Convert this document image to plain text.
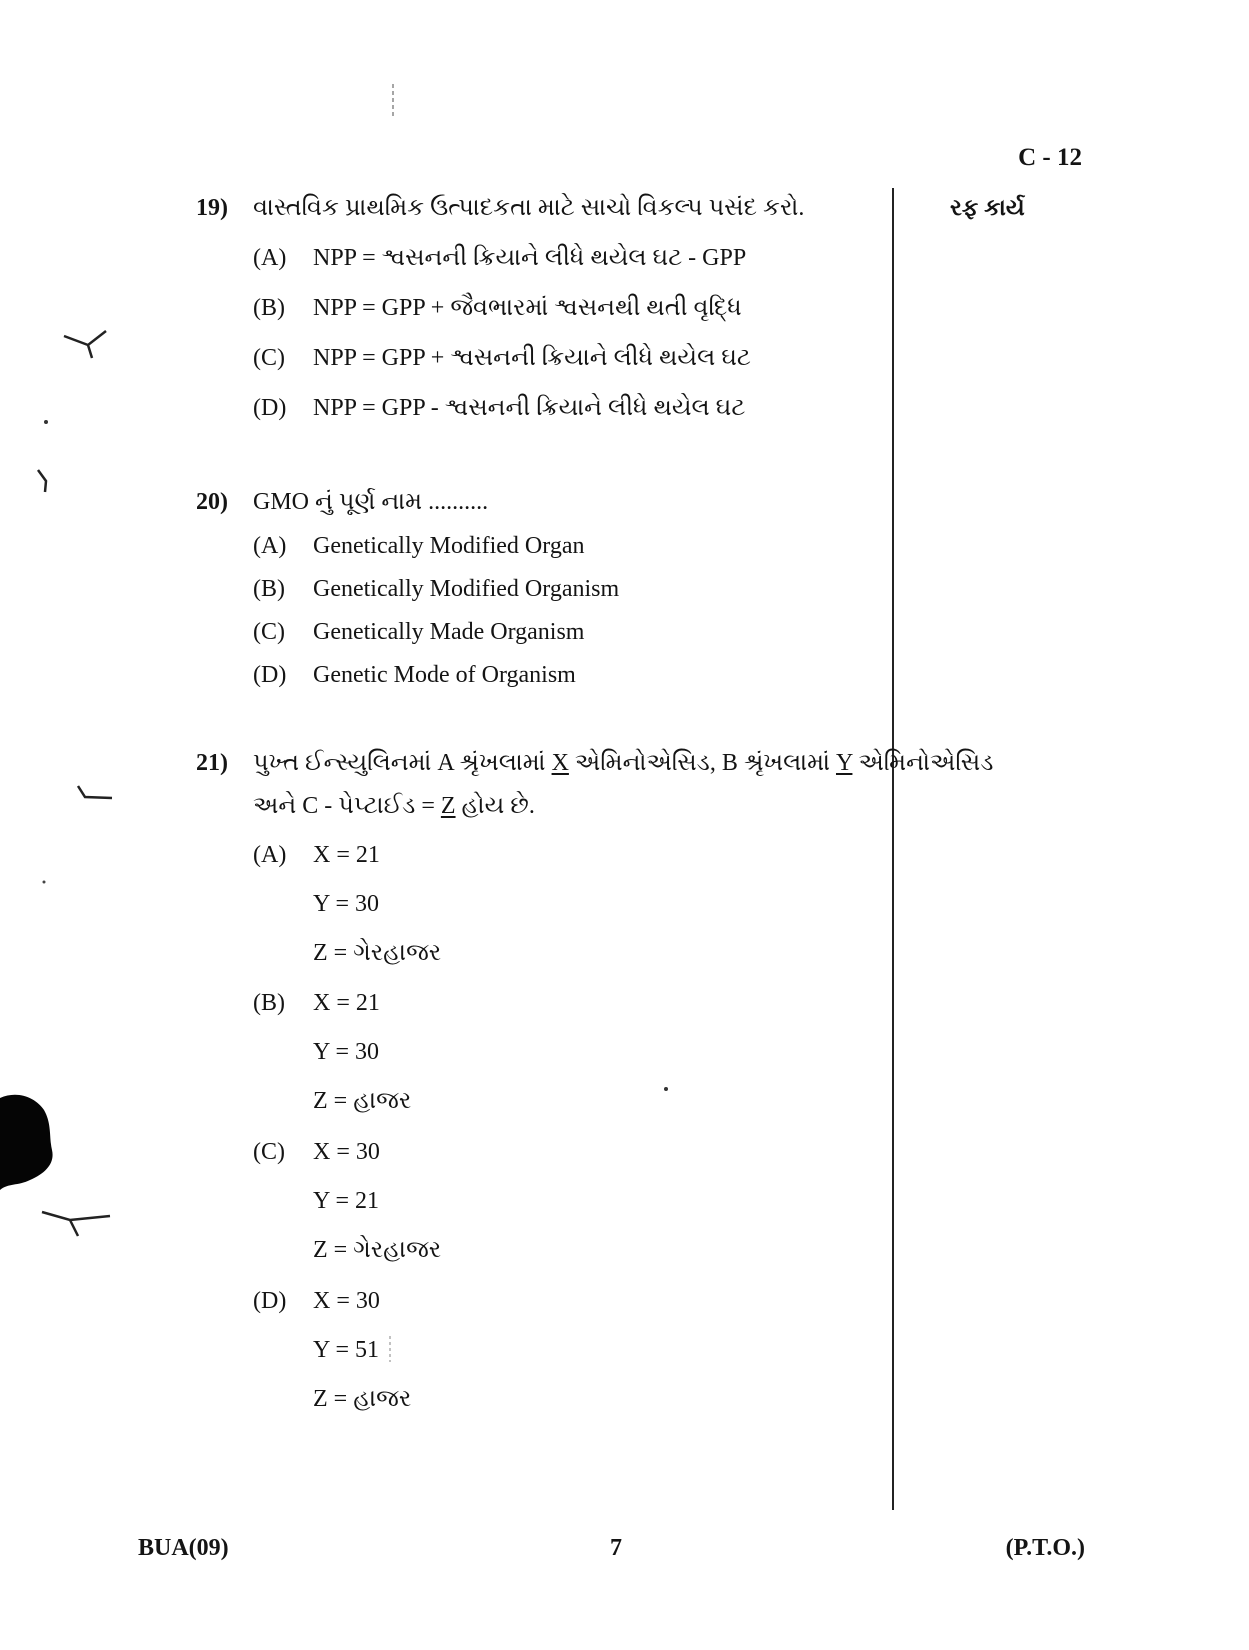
C - 12
રફ કાર્ય
19) વાસ્તવિક પ્રાથમિક ઉત્પાદકતા માટે સાચો વિકલ્પ પસંદ કરો.
(A) NPP = શ્વસનની ક્રિયાને લીધે થયેલ ઘટ - GPP
(B) NPP = GPP + જૈવભારમાં શ્વસનથી થતી વૃદ્ધિ
(C) NPP = GPP + શ્વસનની ક્રિયાને લીધે થયેલ ઘટ
(D) NPP = GPP - શ્વસનની ક્રિયાને લીધે થયેલ ઘટ
20) GMO નું પૂર્ણ નામ ..........
(A) Genetically Modified Organ
(B) Genetically Modified Organism
(C) Genetically Made Organism
(D) Genetic Mode of Organism
21) પુખ્ત ઈન્સ્યુલિનમાં A શ્રૃંખલામાં X એમિનોએસિડ, B શ્રૃંખલામાં Y એમિનોએસિડ
અને C - પેપ્ટાઈડ = Z હોય છે.
(A) X = 21
Y = 30
Z = ગેરહાજર
(B) X = 21
Y = 30
Z = હાજર
(C) X = 30
Y = 21
Z = ગેરહાજર
(D) X = 30
Y = 51
Z = હાજર
BUA(09)	7	(P.T.O.)
